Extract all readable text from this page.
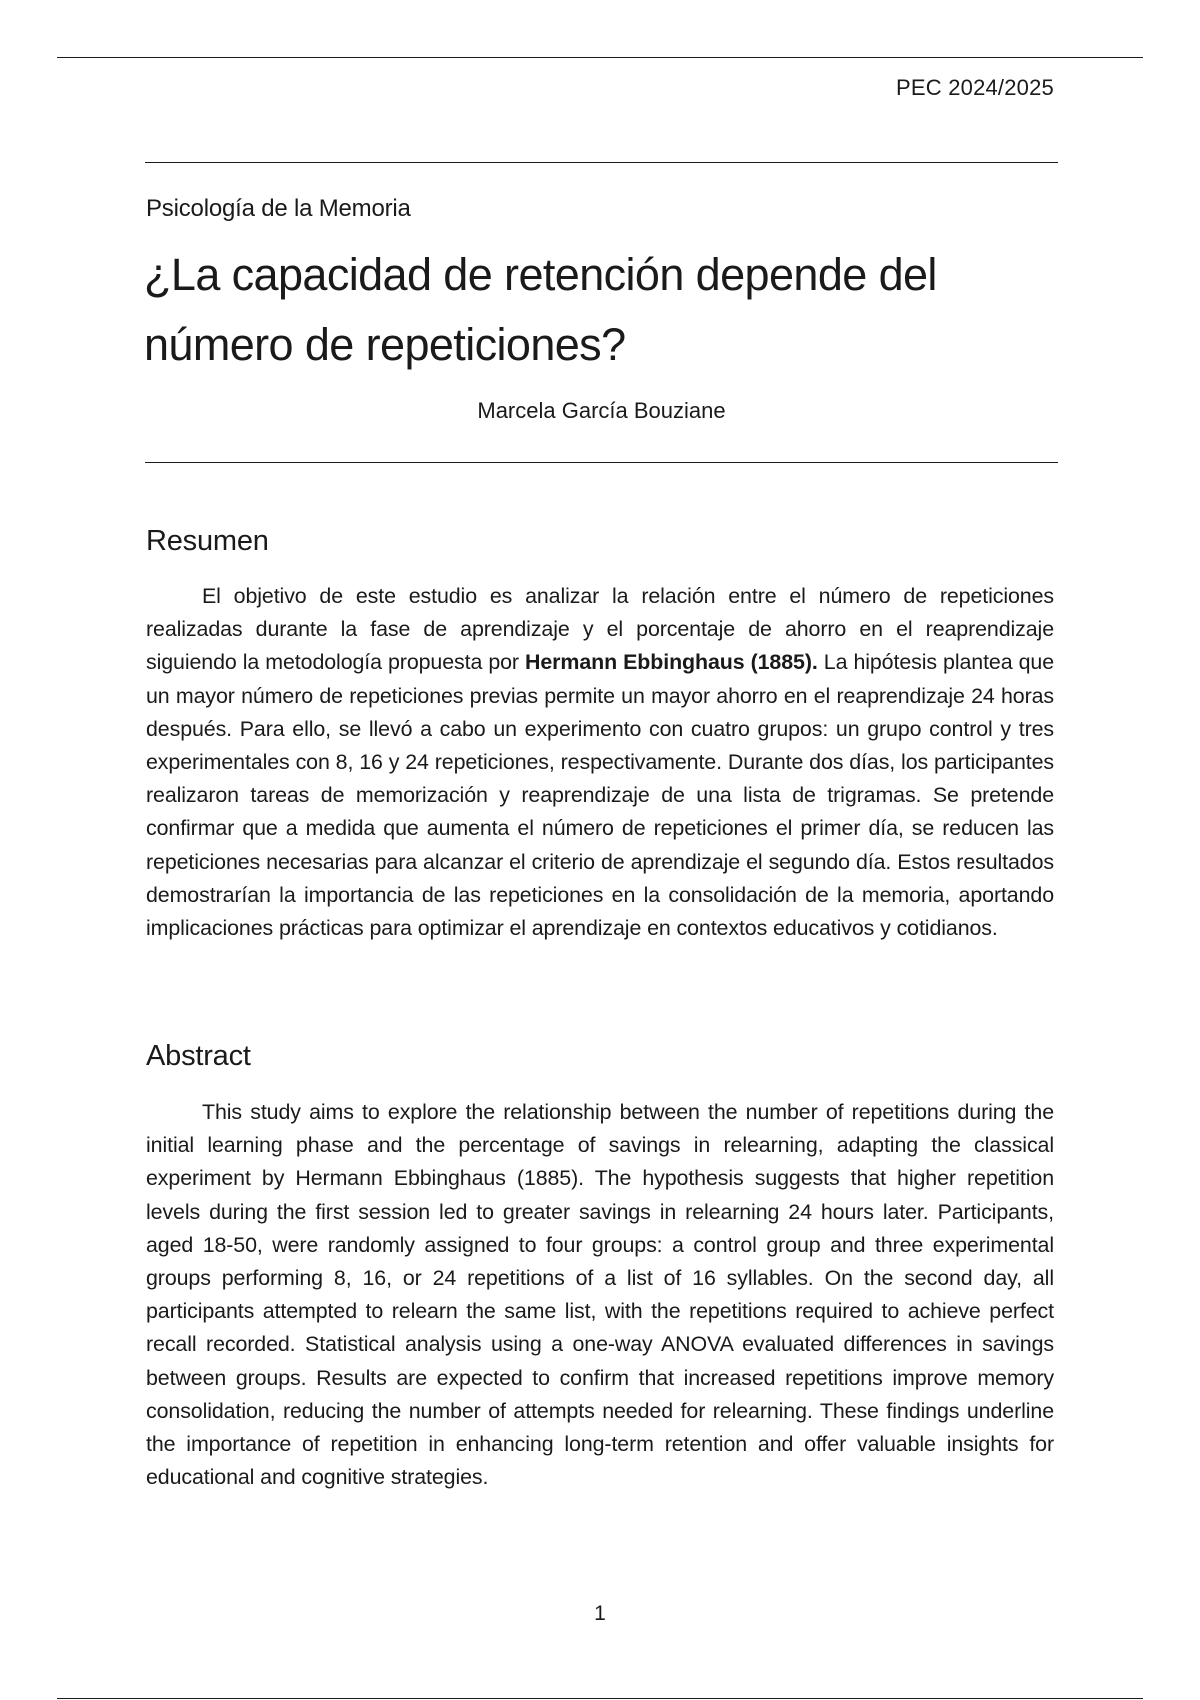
PEC 2024/2025
Psicología de la Memoria
¿La capacidad de retención depende del número de repeticiones?
Marcela García Bouziane
Resumen

El objetivo de este estudio es analizar la relación entre el número de repeticiones realizadas durante la fase de aprendizaje y el porcentaje de ahorro en el reaprendizaje siguiendo la metodología propuesta por Hermann Ebbinghaus (1885). La hipótesis plantea que un mayor número de repeticiones previas permite un mayor ahorro en el reaprendizaje 24 horas después. Para ello, se llevó a cabo un experimento con cuatro grupos: un grupo control y tres experimentales con 8, 16 y 24 repeticiones, respectivamente. Durante dos días, los participantes realizaron tareas de memorización y reaprendizaje de una lista de trigramas. Se pretende confirmar que a medida que aumenta el número de repeticiones el primer día, se reducen las repeticiones necesarias para alcanzar el criterio de aprendizaje el segundo día. Estos resultados demostrarían la importancia de las repeticiones en la consolidación de la memoria, aportando implicaciones prácticas para optimizar el aprendizaje en contextos educativos y cotidianos.

Abstract

This study aims to explore the relationship between the number of repetitions during the initial learning phase and the percentage of savings in relearning, adapting the classical experiment by Hermann Ebbinghaus (1885). The hypothesis suggests that higher repetition levels during the first session led to greater savings in relearning 24 hours later. Participants, aged 18-50, were randomly assigned to four groups: a control group and three experimental groups performing 8, 16, or 24 repetitions of a list of 16 syllables. On the second day, all participants attempted to relearn the same list, with the repetitions required to achieve perfect recall recorded. Statistical analysis using a one-way ANOVA evaluated differences in savings between groups. Results are expected to confirm that increased repetitions improve memory consolidation, reducing the number of attempts needed for relearning. These findings underline the importance of repetition in enhancing long-term retention and offer valuable insights for educational and cognitive strategies.

1
